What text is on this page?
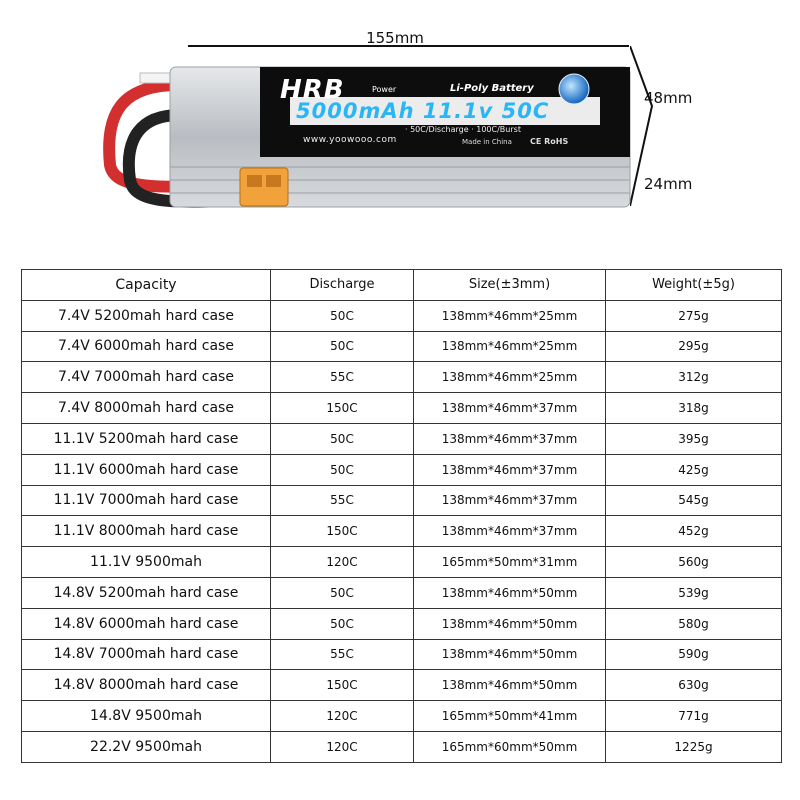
155mm
48mm
24mm
HRB	Power	Li-Poly Battery
5000mAh 11.1v 50C
www.yoowooo.com
· 50C/Discharge · 100C/Burst
Made in China CE RoHS
Capacity	Discharge	Size(±3mm)	Weight(±5g)
7.4V 5200mah hard case	50C	138mm*46mm*25mm	275g
7.4V 6000mah hard case	50C	138mm*46mm*25mm	295g
7.4V 7000mah hard case	55C	138mm*46mm*25mm	312g
7.4V 8000mah hard case	150C	138mm*46mm*37mm	318g
11.1V 5200mah hard case	50C	138mm*46mm*37mm	395g
11.1V 6000mah hard case	50C	138mm*46mm*37mm	425g
11.1V 7000mah hard case	55C	138mm*46mm*37mm	545g
11.1V 8000mah hard case	150C	138mm*46mm*37mm	452g
11.1V 9500mah	120C	165mm*50mm*31mm	560g
14.8V 5200mah hard case	50C	138mm*46mm*50mm	539g
14.8V 6000mah hard case	50C	138mm*46mm*50mm	580g
14.8V 7000mah hard case	55C	138mm*46mm*50mm	590g
14.8V 8000mah hard case	150C	138mm*46mm*50mm	630g
14.8V 9500mah	120C	165mm*50mm*41mm	771g
22.2V 9500mah	120C	165mm*60mm*50mm	1225g
